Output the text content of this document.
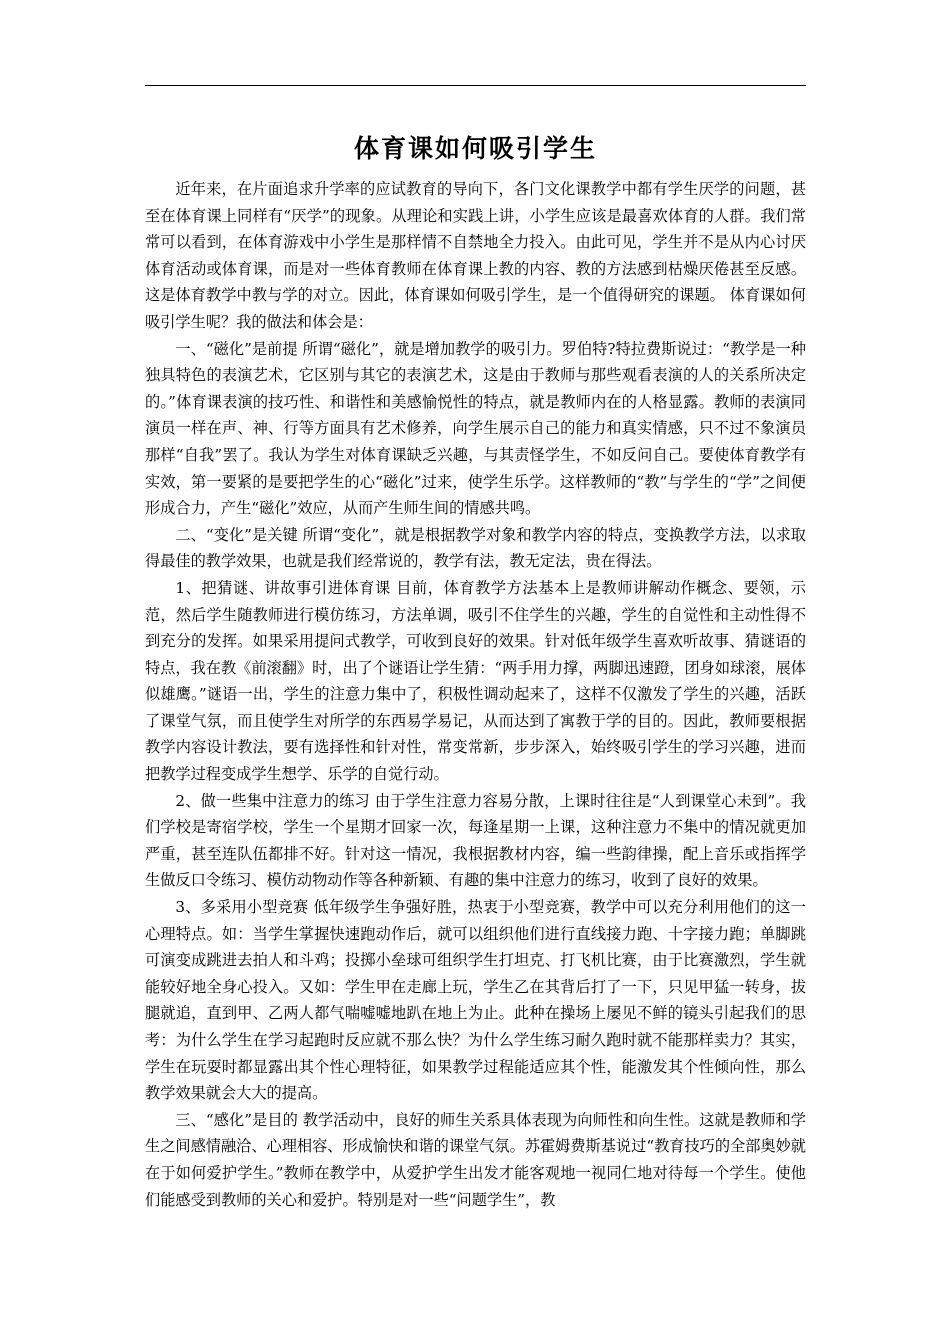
体育课如何吸引学生

近年来，在片面追求升学率的应试教育的导向下，各门文化课教学中都有学生厌学的问题，甚至在体育课上同样有“厌学”的现象。从理论和实践上讲，小学生应该是最喜欢体育的人群。我们常常可以看到，在体育游戏中小学生是那样情不自禁地全力投入。由此可见，学生并不是从内心讨厌体育活动或体育课，而是对一些体育教师在体育课上教的内容、教的方法感到枯燥厌倦甚至反感。这是体育教学中教与学的对立。因此，体育课如何吸引学生，是一个值得研究的课题。 体育课如何吸引学生呢？我的做法和体会是：

一、“磁化”是前提 所谓“磁化”，就是增加教学的吸引力。罗伯特?特拉费斯说过：“教学是一种独具特色的表演艺术，它区别与其它的表演艺术，这是由于教师与那些观看表演的人的关系所决定的。”体育课表演的技巧性、和谐性和美感愉悦性的特点，就是教师内在的人格显露。教师的表演同演员一样在声、神、行等方面具有艺术修养，向学生展示自己的能力和真实情感，只不过不象演员那样“自我”罢了。我认为学生对体育课缺乏兴趣，与其责怪学生，不如反问自己。要使体育教学有实效，第一要紧的是要把学生的心“磁化”过来，使学生乐学。这样教师的“教”与学生的“学”之间便形成合力，产生“磁化”效应，从而产生师生间的情感共鸣。

二、“变化”是关键 所谓“变化”，就是根据教学对象和教学内容的特点，变换教学方法，以求取得最佳的教学效果，也就是我们经常说的，教学有法，教无定法，贵在得法。

1、把猜谜、讲故事引进体育课 目前，体育教学方法基本上是教师讲解动作概念、要领，示范，然后学生随教师进行模仿练习，方法单调，吸引不住学生的兴趣，学生的自觉性和主动性得不到充分的发挥。如果采用提问式教学，可收到良好的效果。针对低年级学生喜欢听故事、猜谜语的特点，我在教《前滚翻》时，出了个谜语让学生猜：“两手用力撑，两脚迅速蹬，团身如球滚，展体似雄鹰。”谜语一出，学生的注意力集中了，积极性调动起来了，这样不仅激发了学生的兴趣，活跃了课堂气氛，而且使学生对所学的东西易学易记，从而达到了寓教于学的目的。因此，教师要根据教学内容设计教法，要有选择性和针对性，常变常新，步步深入，始终吸引学生的学习兴趣，进而把教学过程变成学生想学、乐学的自觉行动。

2、做一些集中注意力的练习 由于学生注意力容易分散，上课时往往是“人到课堂心未到”。我们学校是寄宿学校，学生一个星期才回家一次，每逢星期一上课，这种注意力不集中的情况就更加严重，甚至连队伍都排不好。针对这一情况，我根据教材内容，编一些韵律操，配上音乐或指挥学生做反口令练习、模仿动物动作等各种新颖、有趣的集中注意力的练习，收到了良好的效果。

3、多采用小型竞赛 低年级学生争强好胜，热衷于小型竞赛，教学中可以充分利用他们的这一心理特点。如：当学生掌握快速跑动作后，就可以组织他们进行直线接力跑、十字接力跑；单脚跳可演变成跳进去拍人和斗鸡；投掷小垒球可组织学生打坦克、打飞机比赛，由于比赛激烈，学生就能较好地全身心投入。又如：学生甲在走廊上玩，学生乙在其背后打了一下，只见甲猛一转身，拔腿就追，直到甲、乙两人都气喘嘘嘘地趴在地上为止。此种在操场上屡见不鲜的镜头引起我们的思考：为什么学生在学习起跑时反应就不那么快？为什么学生练习耐久跑时就不能那样卖力？其实，学生在玩耍时都显露出其个性心理特征，如果教学过程能适应其个性，能激发其个性倾向性，那么教学效果就会大大的提高。

三、“感化”是目的 教学活动中，良好的师生关系具体表现为向师性和向生性。这就是教师和学生之间感情融洽、心理相容、形成愉快和谐的课堂气氛。苏霍姆费斯基说过“教育技巧的全部奥妙就在于如何爱护学生。”教师在教学中，从爱护学生出发才能客观地一视同仁地对待每一个学生。使他们能感受到教师的关心和爱护。特别是对一些“问题学生”，教
